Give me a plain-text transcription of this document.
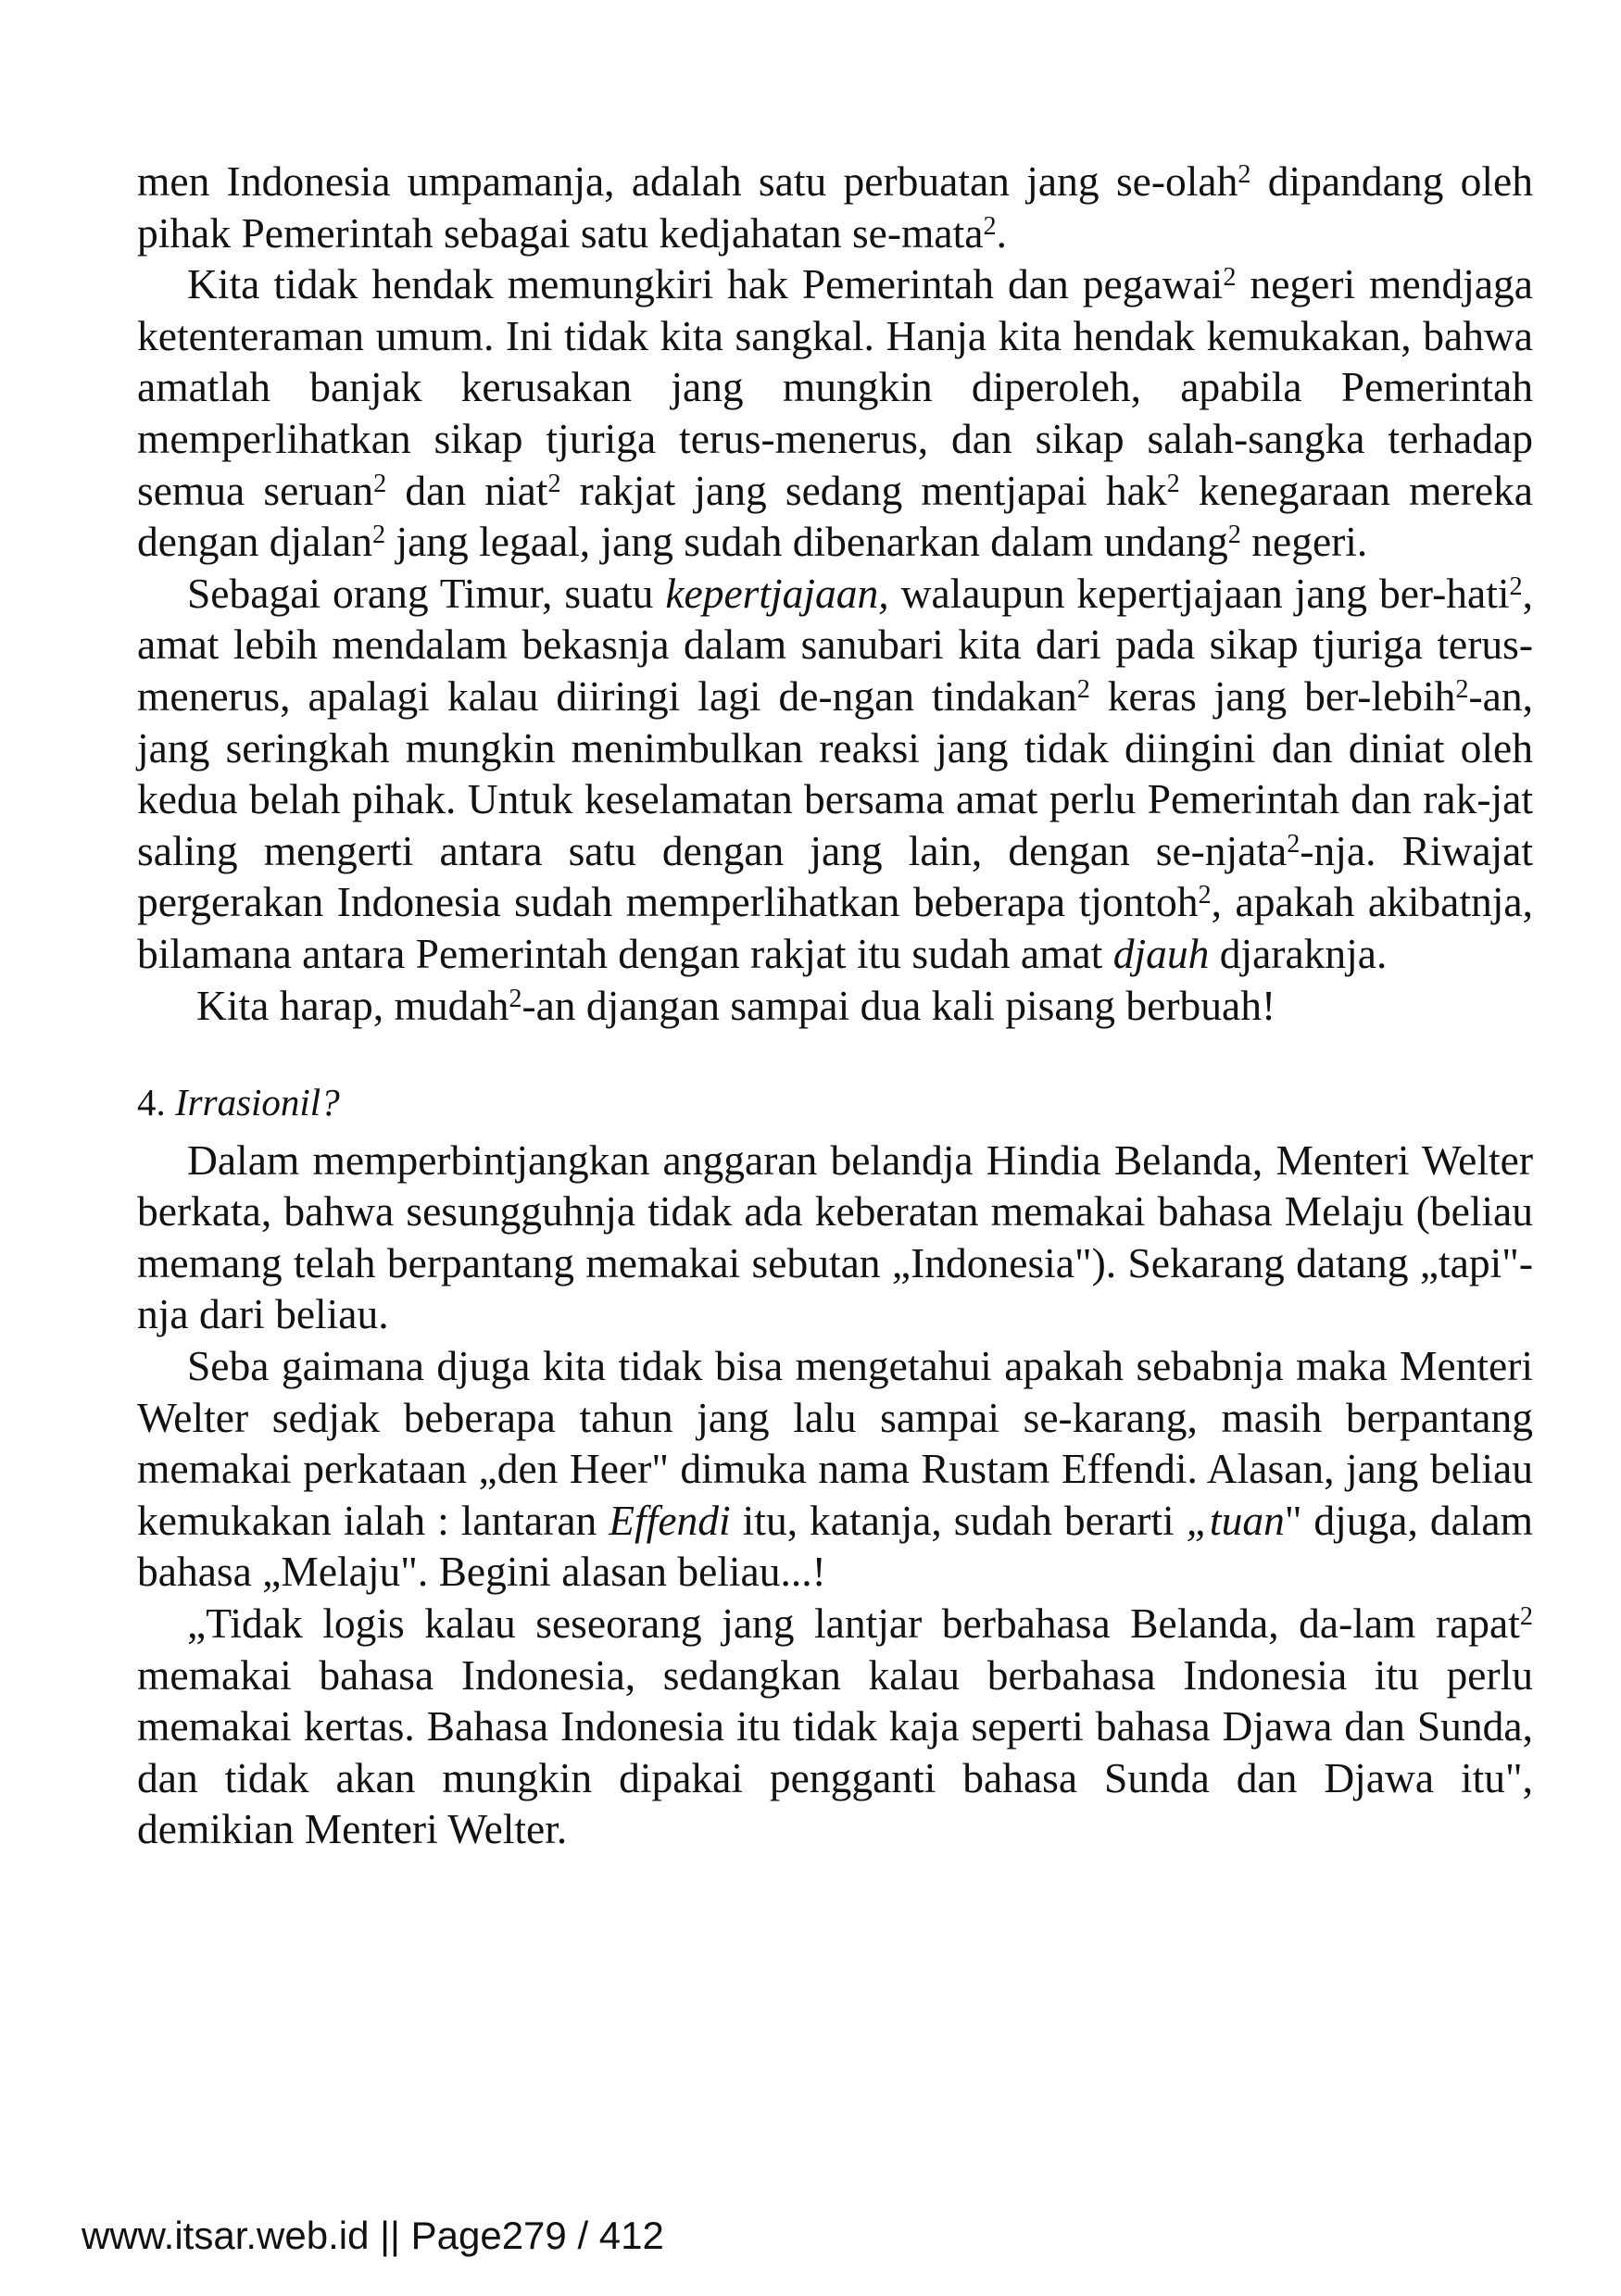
men Indonesia umpamanja, adalah satu perbuatan jang se-olah$^2$ dipandang oleh pihak Pemerintah sebagai satu kedjahatan se-mata$^2$.

Kita tidak hendak memungkiri hak Pemerintah dan pegawai$^2$ negeri mendjaga ketenteraman umum. Ini tidak kita sangkal. Hanja kita hendak kemukakan, bahwa amatlah banjak kerusakan jang mungkin diperoleh, apabila Pemerintah memperlihatkan sikap tjuriga terus-menerus, dan sikap salah-sangka terhadap semua seruan$^2$ dan niat$^2$ rakjat jang sedang mentjapai hak$^2$ kenegaraan mereka dengan djalan$^2$ jang legaal, jang sudah dibenarkan dalam undang$^2$ negeri.

Sebagai orang Timur, suatu kepertjajaan, walaupun kepertjajaan jang ber-hati$^2$, amat lebih mendalam bekasnja dalam sanubari kita dari pada sikap tjuriga terus-menerus, apalagi kalau diiringi lagi de-ngan tindakan$^2$ keras jang ber-lebih$^2$-an, jang seringkah mungkin menimbulkan reaksi jang tidak diingini dan diniat oleh kedua belah pihak. Untuk keselamatan bersama amat perlu Pemerintah dan rak-jat saling mengerti antara satu dengan jang lain, dengan se-njata$^2$-nja. Riwajat pergerakan Indonesia sudah memperlihatkan beberapa tjontoh$^2$, apakah akibatnja, bilamana antara Pemerintah dengan rakjat itu sudah amat djauh djaraknja.

Kita harap, mudah$^2$-an djangan sampai dua kali pisang berbuah!

4. Irrasionil?

Dalam memperbintjangkan anggaran belandja Hindia Belanda, Menteri Welter berkata, bahwa sesungguhnja tidak ada keberatan memakai bahasa Melaju (beliau memang telah berpantang memakai sebutan „Indonesia"). Sekarang datang „tapi"-nja dari beliau.

Seba gaimana djuga kita tidak bisa mengetahui apakah sebabnja maka Menteri Welter sedjak beberapa tahun jang lalu sampai se-karang, masih berpantang memakai perkataan „den Heer" dimuka nama Rustam Effendi. Alasan, jang beliau kemukakan ialah : lantaran Effendi itu, katanja, sudah berarti „tuan" djuga, dalam bahasa „Melaju". Begini alasan beliau...!

„Tidak logis kalau seseorang jang lantjar berbahasa Belanda, da-lam rapat$^2$ memakai bahasa Indonesia, sedangkan kalau berbahasa Indonesia itu perlu memakai kertas. Bahasa Indonesia itu tidak kaja seperti bahasa Djawa dan Sunda, dan tidak akan mungkin dipakai pengganti bahasa Sunda dan Djawa itu", demikian Menteri Welter.

www.itsar.web.id || Page279 / 412
